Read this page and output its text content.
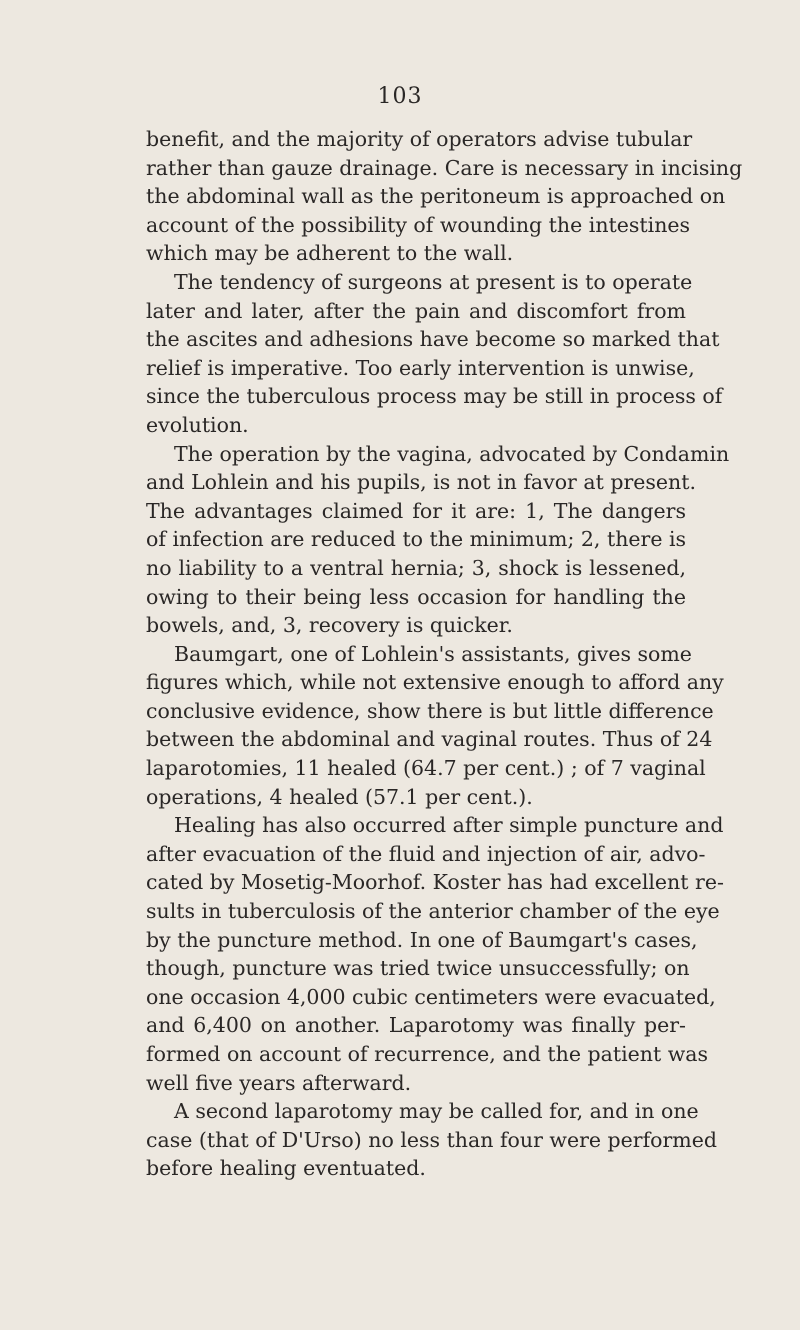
103
benefit, and the majority of operators advise tubular
rather than gauze drainage. Care is necessary in incising
the abdominal wall as the peritoneum is approached on
account of the possibility of wounding the intestines
which may be adherent to the wall.
The tendency of surgeons at present is to operate
later and later, after the pain and discomfort from
the ascites and adhesions have become so marked that
relief is imperative. Too early intervention is unwise,
since the tuberculous process may be still in process of
evolution.
The operation by the vagina, advocated by Condamin
and Lohlein and his pupils, is not in favor at present.
The advantages claimed for it are: 1, The dangers
of infection are reduced to the minimum; 2, there is
no liability to a ventral hernia; 3, shock is lessened,
owing to their being less occasion for handling the
bowels, and, 3, recovery is quicker.
Baumgart, one of Lohlein's assistants, gives some
figures which, while not extensive enough to afford any
conclusive evidence, show there is but little difference
between the abdominal and vaginal routes. Thus of 24
laparotomies, 11 healed (64.7 per cent.) ; of 7 vaginal
operations, 4 healed (57.1 per cent.).
Healing has also occurred after simple puncture and
after evacuation of the fluid and injection of air, advo-
cated by Mosetig-Moorhof. Koster has had excellent re-
sults in tuberculosis of the anterior chamber of the eye
by the puncture method. In one of Baumgart's cases,
though, puncture was tried twice unsuccessfully; on
one occasion 4,000 cubic centimeters were evacuated,
and 6,400 on another. Laparotomy was finally per-
formed on account of recurrence, and the patient was
well five years afterward.
A second laparotomy may be called for, and in one
case (that of D'Urso) no less than four were performed
before healing eventuated.
